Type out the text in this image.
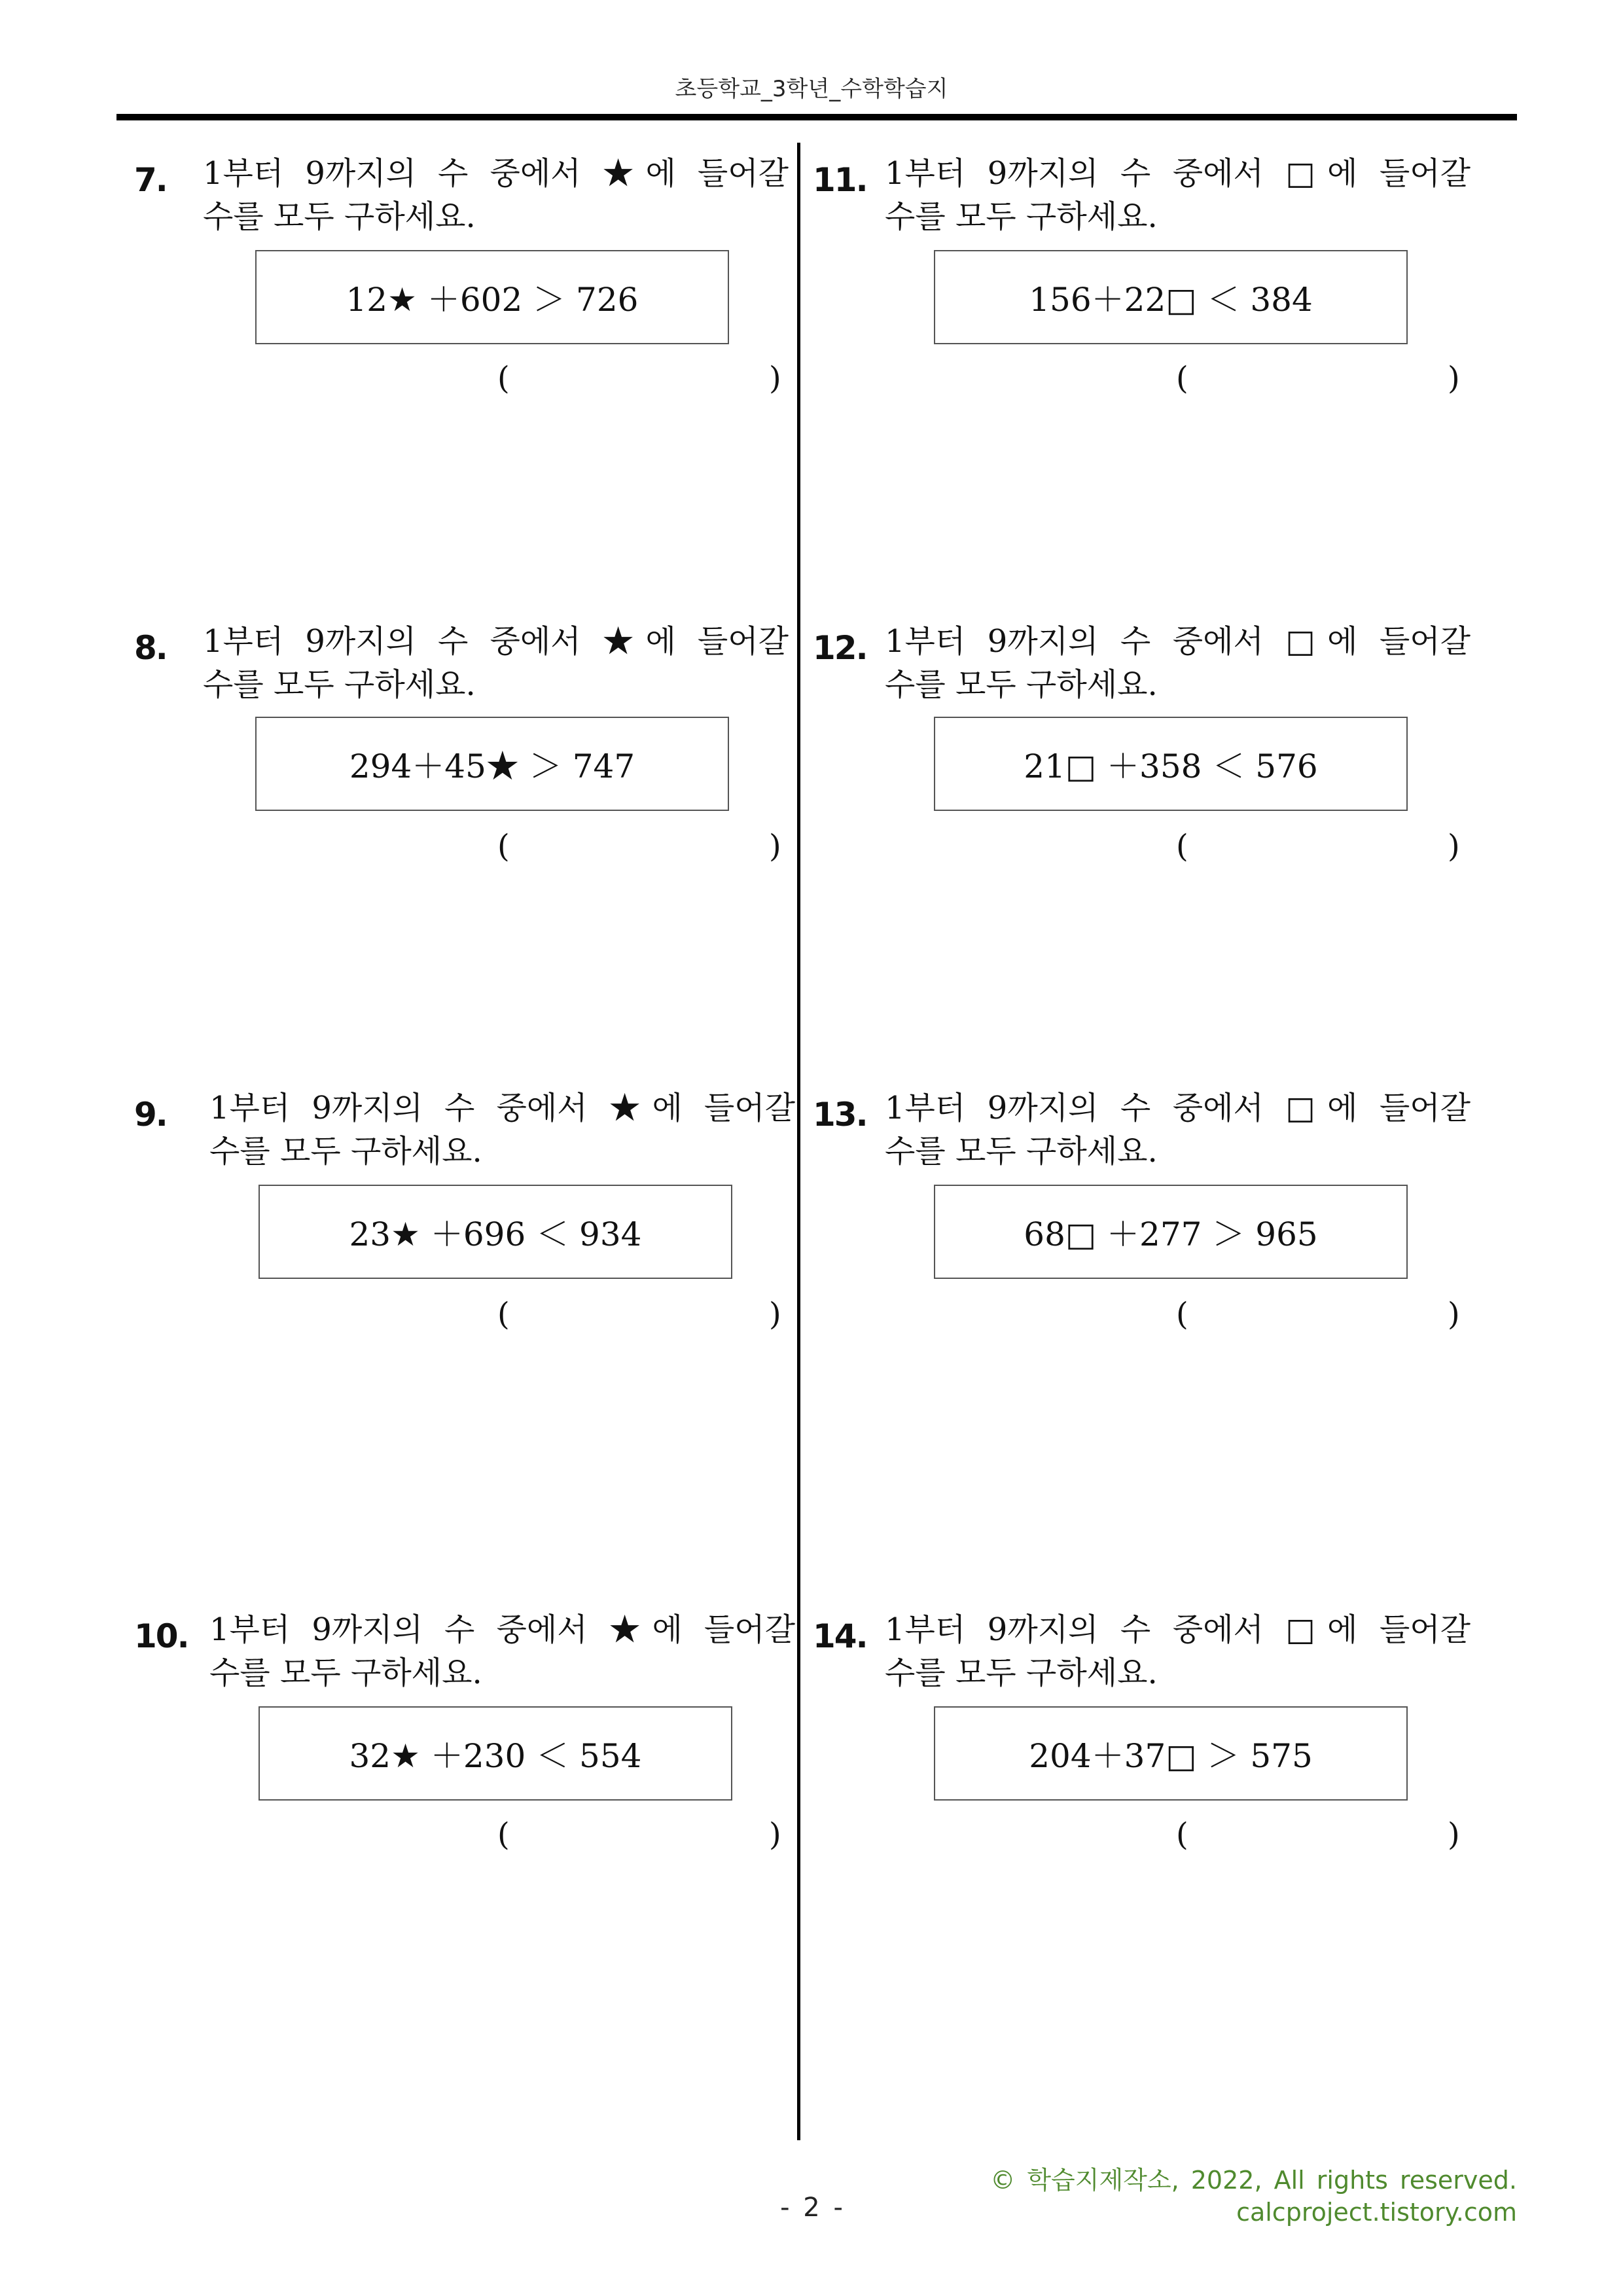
초등학교_3학년_수학학습지
7. 1부터 9까지의 수 중에서 ★에 들어갈
수를 모두 구하세요.
12★ ＋602 ＞ 726
(	)
8. 1부터 9까지의 수 중에서 ★에 들어갈
수를 모두 구하세요.
294＋45★ ＞ 747
(	)
9. 1부터 9까지의 수 중에서 ★에 들어갈
수를 모두 구하세요.
23★ ＋696 ＜ 934
(	)
10. 1부터 9까지의 수 중에서 ★에 들어갈
수를 모두 구하세요.
32★ ＋230 ＜ 554
(	)
11. 1부터 9까지의 수 중에서 □에 들어갈
수를 모두 구하세요.
156＋22□ ＜ 384
(	)
12. 1부터 9까지의 수 중에서 □에 들어갈
수를 모두 구하세요.
21□ ＋358 ＜ 576
(	)
13. 1부터 9까지의 수 중에서 □에 들어갈
수를 모두 구하세요.
68□ ＋277 ＞ 965
(	)
14. 1부터 9까지의 수 중에서 □에 들어갈
수를 모두 구하세요.
204＋37□ ＞ 575
(	)
© 학습지제작소, 2022, All rights reserved.
calcproject.tistory.com
- 2 -
